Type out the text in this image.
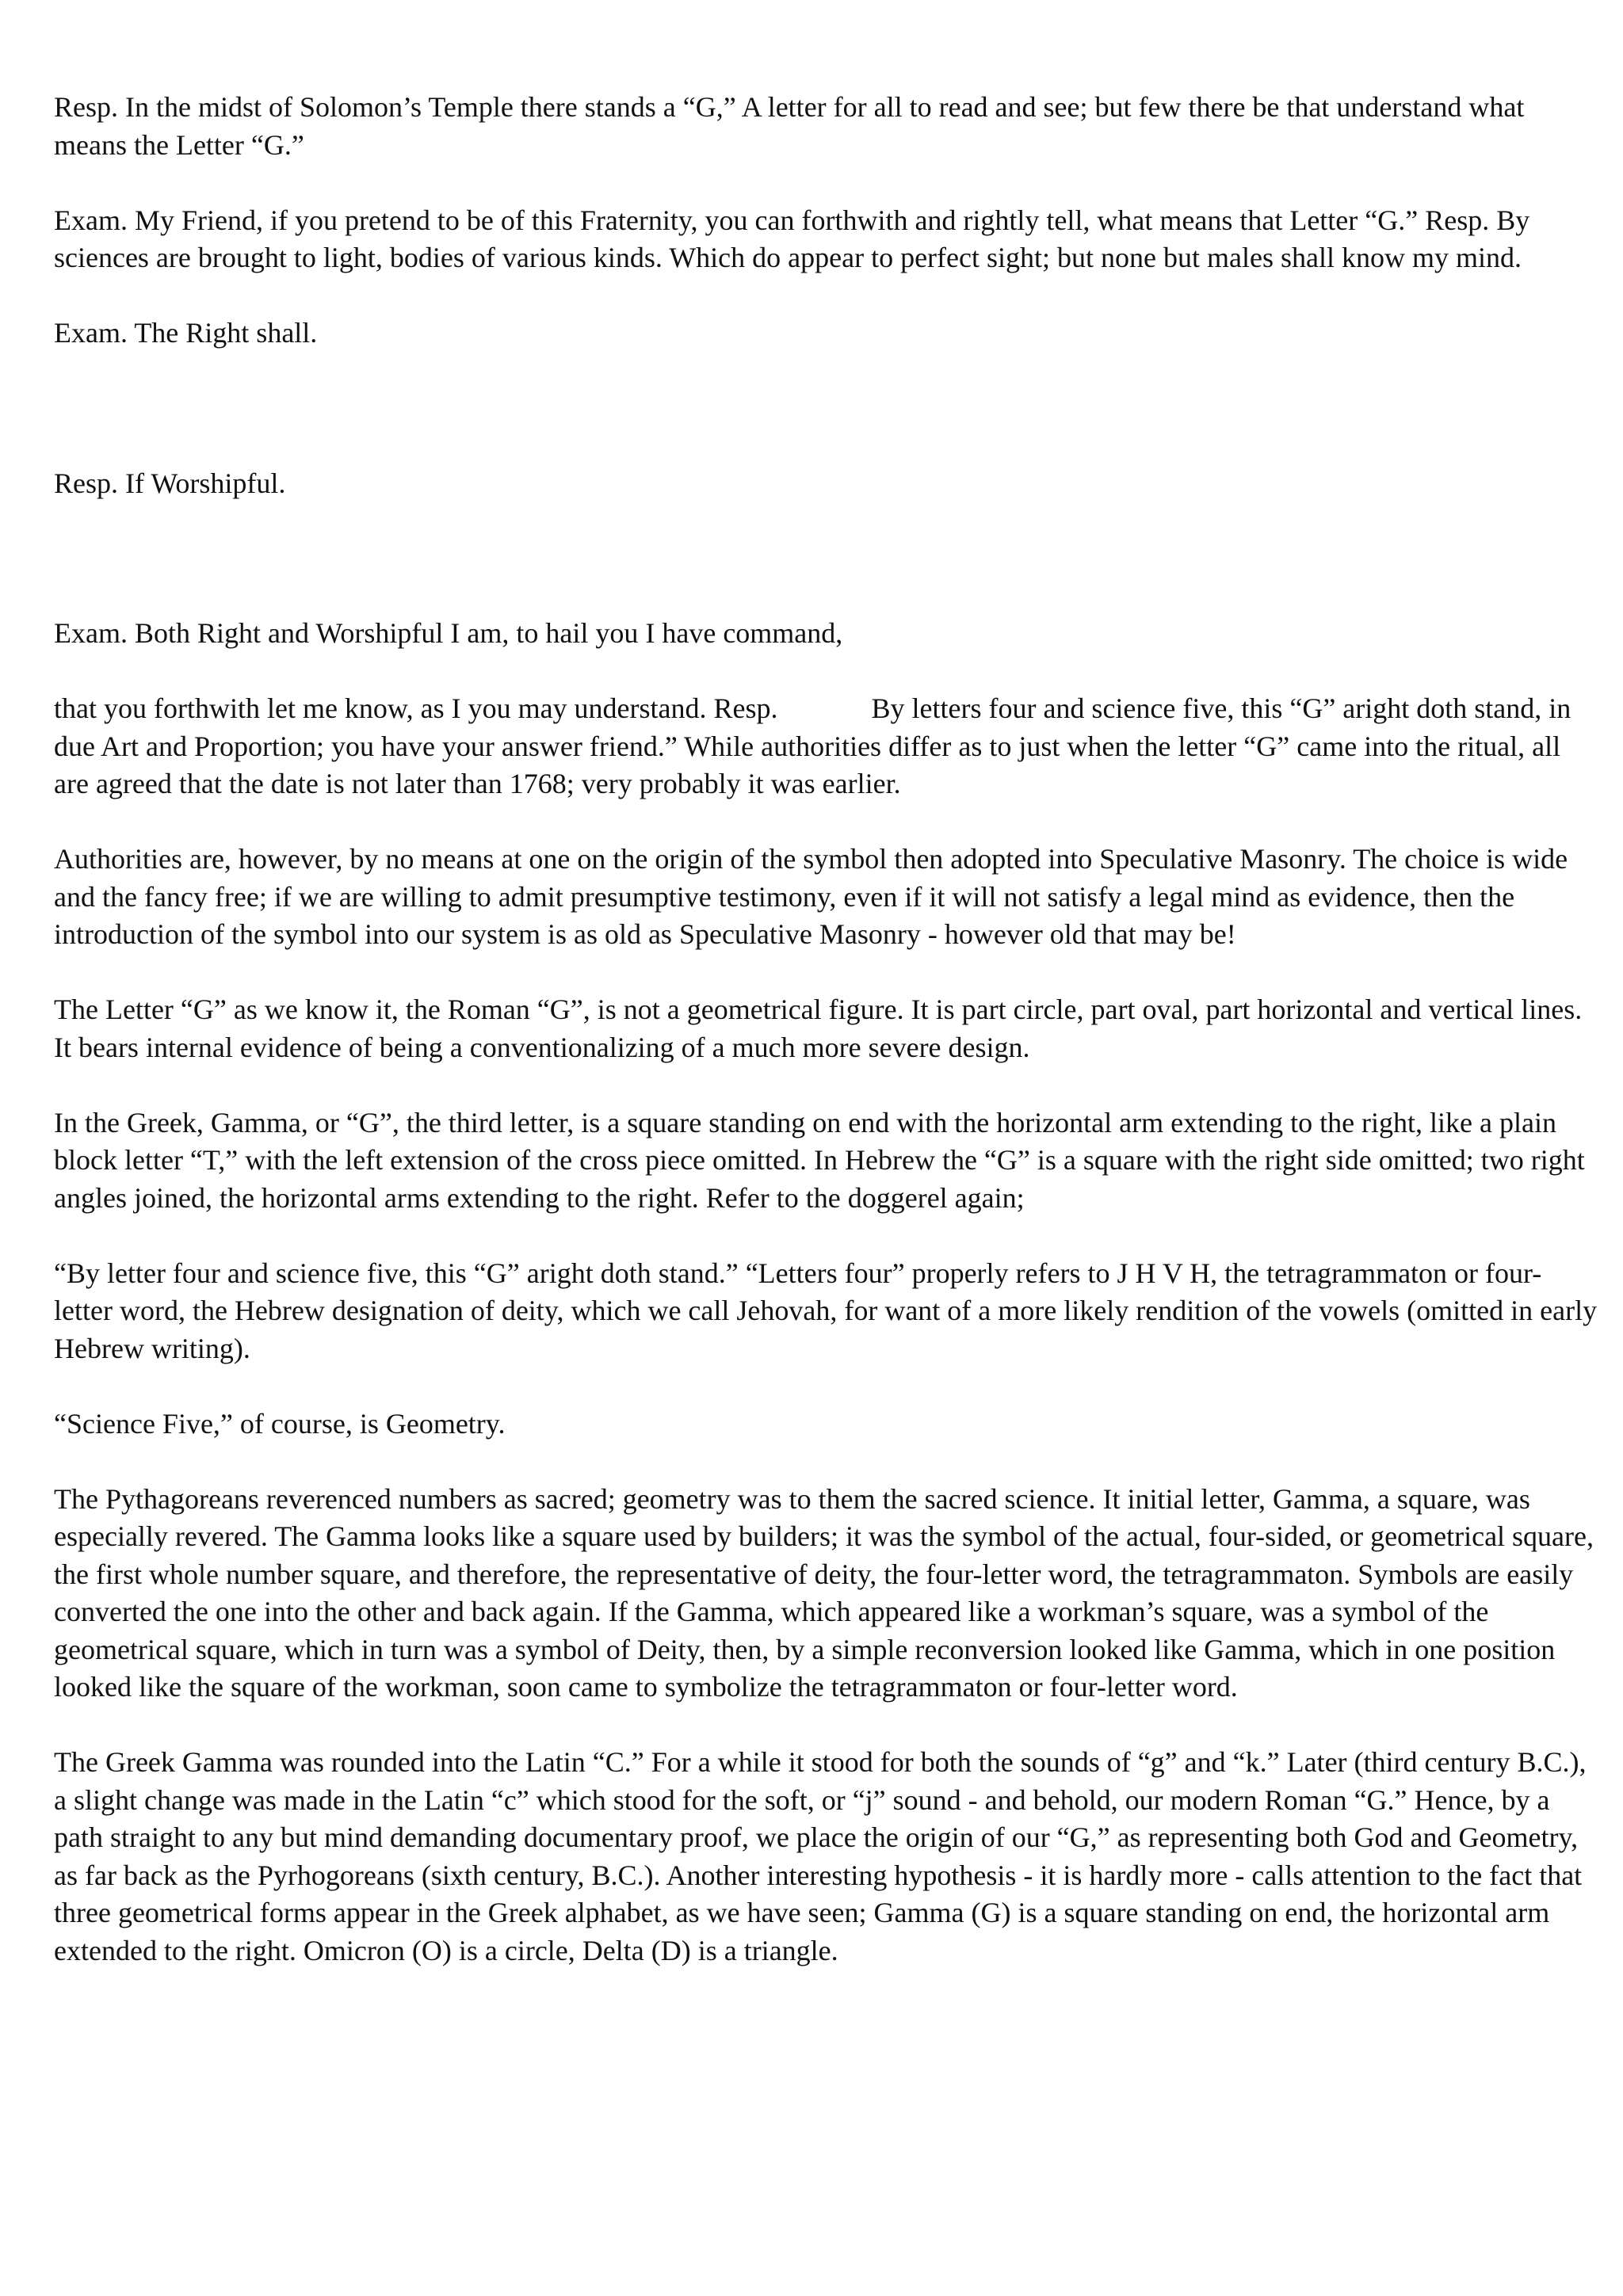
Resp. In the midst of Solomon’s Temple there stands a “G,” A letter for all to read and see; but few there be that understand what means the Letter “G.”

Exam. My Friend, if you pretend to be of this Fraternity, you can forthwith and rightly tell, what means that Letter “G.” Resp. By sciences are brought to light, bodies of various kinds. Which do appear to perfect sight; but none but males shall know my mind.

Exam. The Right shall.

Resp. If Worshipful.

Exam. Both Right and Worshipful I am, to hail you I have command,

that you forthwith let me know, as I you may understand. Resp.	By letters four and science five, this “G” aright doth stand, in due Art and Proportion; you have your answer friend.” While authorities differ as to just when the letter “G” came into the ritual, all are agreed that the date is not later than 1768; very probably it was earlier.

Authorities are, however, by no means at one on the origin of the symbol then adopted into Speculative Masonry. The choice is wide and the fancy free; if we are willing to admit presumptive testimony, even if it will not satisfy a legal mind as evidence, then the introduction of the symbol into our system is as old as Speculative Masonry - however old that may be!

The Letter “G” as we know it, the Roman “G”, is not a geometrical figure. It is part circle, part oval, part horizontal and vertical lines. It bears internal evidence of being a conventionalizing of a much more severe design.

In the Greek, Gamma, or “G”, the third letter, is a square standing on end with the horizontal arm extending to the right, like a plain block letter “T,” with the left extension of the cross piece omitted. In Hebrew the “G” is a square with the right side omitted; two right angles joined, the horizontal arms extending to the right. Refer to the doggerel again;

“By letter four and science five, this “G” aright doth stand.” “Letters four” properly refers to J H V H, the tetragrammaton or four-letter word, the Hebrew designation of deity, which we call Jehovah, for want of a more likely rendition of the vowels (omitted in early Hebrew writing).

“Science Five,” of course, is Geometry.

The Pythagoreans reverenced numbers as sacred; geometry was to them the sacred science. It initial letter, Gamma, a square, was especially revered. The Gamma looks like a square used by builders; it was the symbol of the actual, four-sided, or geometrical square, the first whole number square, and therefore, the representative of deity, the four-letter word, the tetragrammaton. Symbols are easily converted the one into the other and back again. If the Gamma, which appeared like a workman’s square, was a symbol of the geometrical square, which in turn was a symbol of Deity, then, by a simple reconversion looked like Gamma, which in one position looked like the square of the workman, soon came to symbolize the tetragrammaton or four-letter word.

The Greek Gamma was rounded into the Latin “C.” For a while it stood for both the sounds of “g” and “k.” Later (third century B.C.), a slight change was made in the Latin “c” which stood for the soft, or “j” sound - and behold, our modern Roman “G.” Hence, by a path straight to any but mind demanding documentary proof, we place the origin of our “G,” as representing both God and Geometry, as far back as the Pyrhogoreans (sixth century, B.C.). Another interesting hypothesis - it is hardly more - calls attention to the fact that three geometrical forms appear in the Greek alphabet, as we have seen; Gamma (G) is a square standing on end, the horizontal arm extended to the right. Omicron (O) is a circle, Delta (D) is a triangle.
